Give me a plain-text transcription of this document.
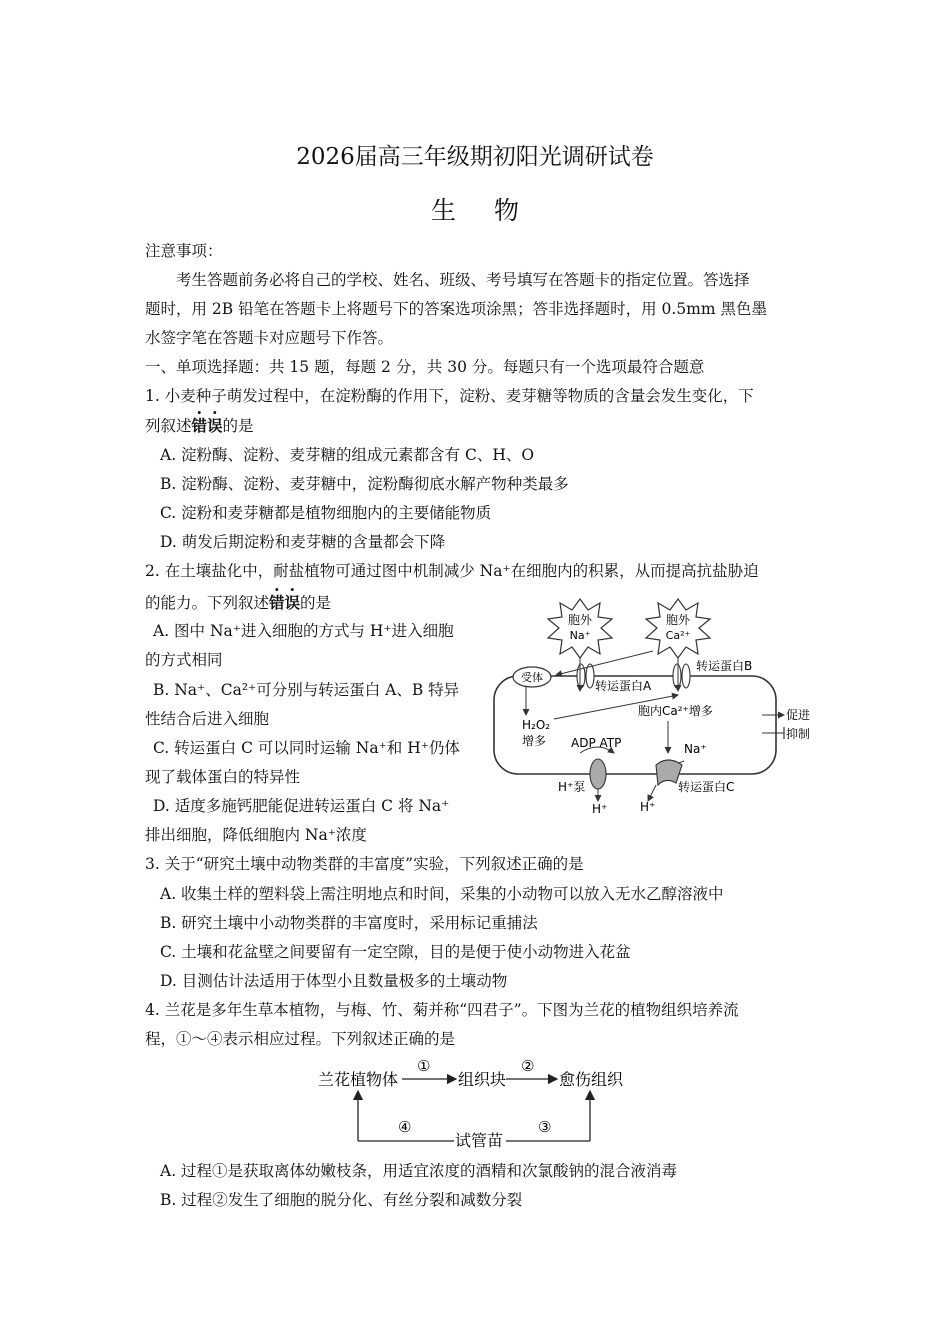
2026届高三年级期初阳光调研试卷
生 物
注意事项：
考生答题前务必将自己的学校、姓名、班级、考号填写在答题卡的指定位置。答选择
题时，用 2B 铅笔在答题卡上将题号下的答案选项涂黑；答非选择题时，用 0.5mm 黑色墨
水签字笔在答题卡对应题号下作答。
一、单项选择题：共 15 题，每题 2 分，共 30 分。每题只有一个选项最符合题意
1. 小麦种子萌发过程中，在淀粉酶的作用下，淀粉、麦芽糖等物质的含量会发生变化，下
列叙述错误的是
A. 淀粉酶、淀粉、麦芽糖的组成元素都含有 C、H、O
B. 淀粉酶、淀粉、麦芽糖中，淀粉酶彻底水解产物种类最多
C. 淀粉和麦芽糖都是植物细胞内的主要储能物质
D. 萌发后期淀粉和麦芽糖的含量都会下降
2. 在土壤盐化中，耐盐植物可通过图中机制减少 Na⁺在细胞内的积累，从而提高抗盐胁迫
的能力。下列叙述错误的是
A. 图中 Na⁺进入细胞的方式与 H⁺进入细胞
的方式相同
B. Na⁺、Ca²⁺可分别与转运蛋白 A、B 特异
性结合后进入细胞
C. 转运蛋白 C 可以同时运输 Na⁺和 H⁺仍体
现了载体蛋白的特异性
D. 适度多施钙肥能促进转运蛋白 C 将 Na⁺
排出细胞，降低细胞内 Na⁺浓度
胞外
Na⁺
胞外
Ca²⁺
受体
转运蛋白A
转运蛋白B
H₂O₂
增多
胞内Ca²⁺增多
Na⁺
ADP ATP
H⁺泵
H⁺	H⁺
转运蛋白C
促进
抑制
3. 关于“研究土壤中动物类群的丰富度”实验，下列叙述正确的是
A. 收集土样的塑料袋上需注明地点和时间，采集的小动物可以放入无水乙醇溶液中
B. 研究土壤中小动物类群的丰富度时，采用标记重捕法
C. 土壤和花盆壁之间要留有一定空隙，目的是便于使小动物进入花盆
D. 目测估计法适用于体型小且数量极多的土壤动物
4. 兰花是多年生草本植物，与梅、竹、菊并称“四君子”。下图为兰花的植物组织培养流
程，①～④表示相应过程。下列叙述正确的是
兰花植物体	组织块	愈伤组织
①	②
试管苗
④	③
A. 过程①是获取离体幼嫩枝条，用适宜浓度的酒精和次氯酸钠的混合液消毒
B. 过程②发生了细胞的脱分化、有丝分裂和减数分裂
